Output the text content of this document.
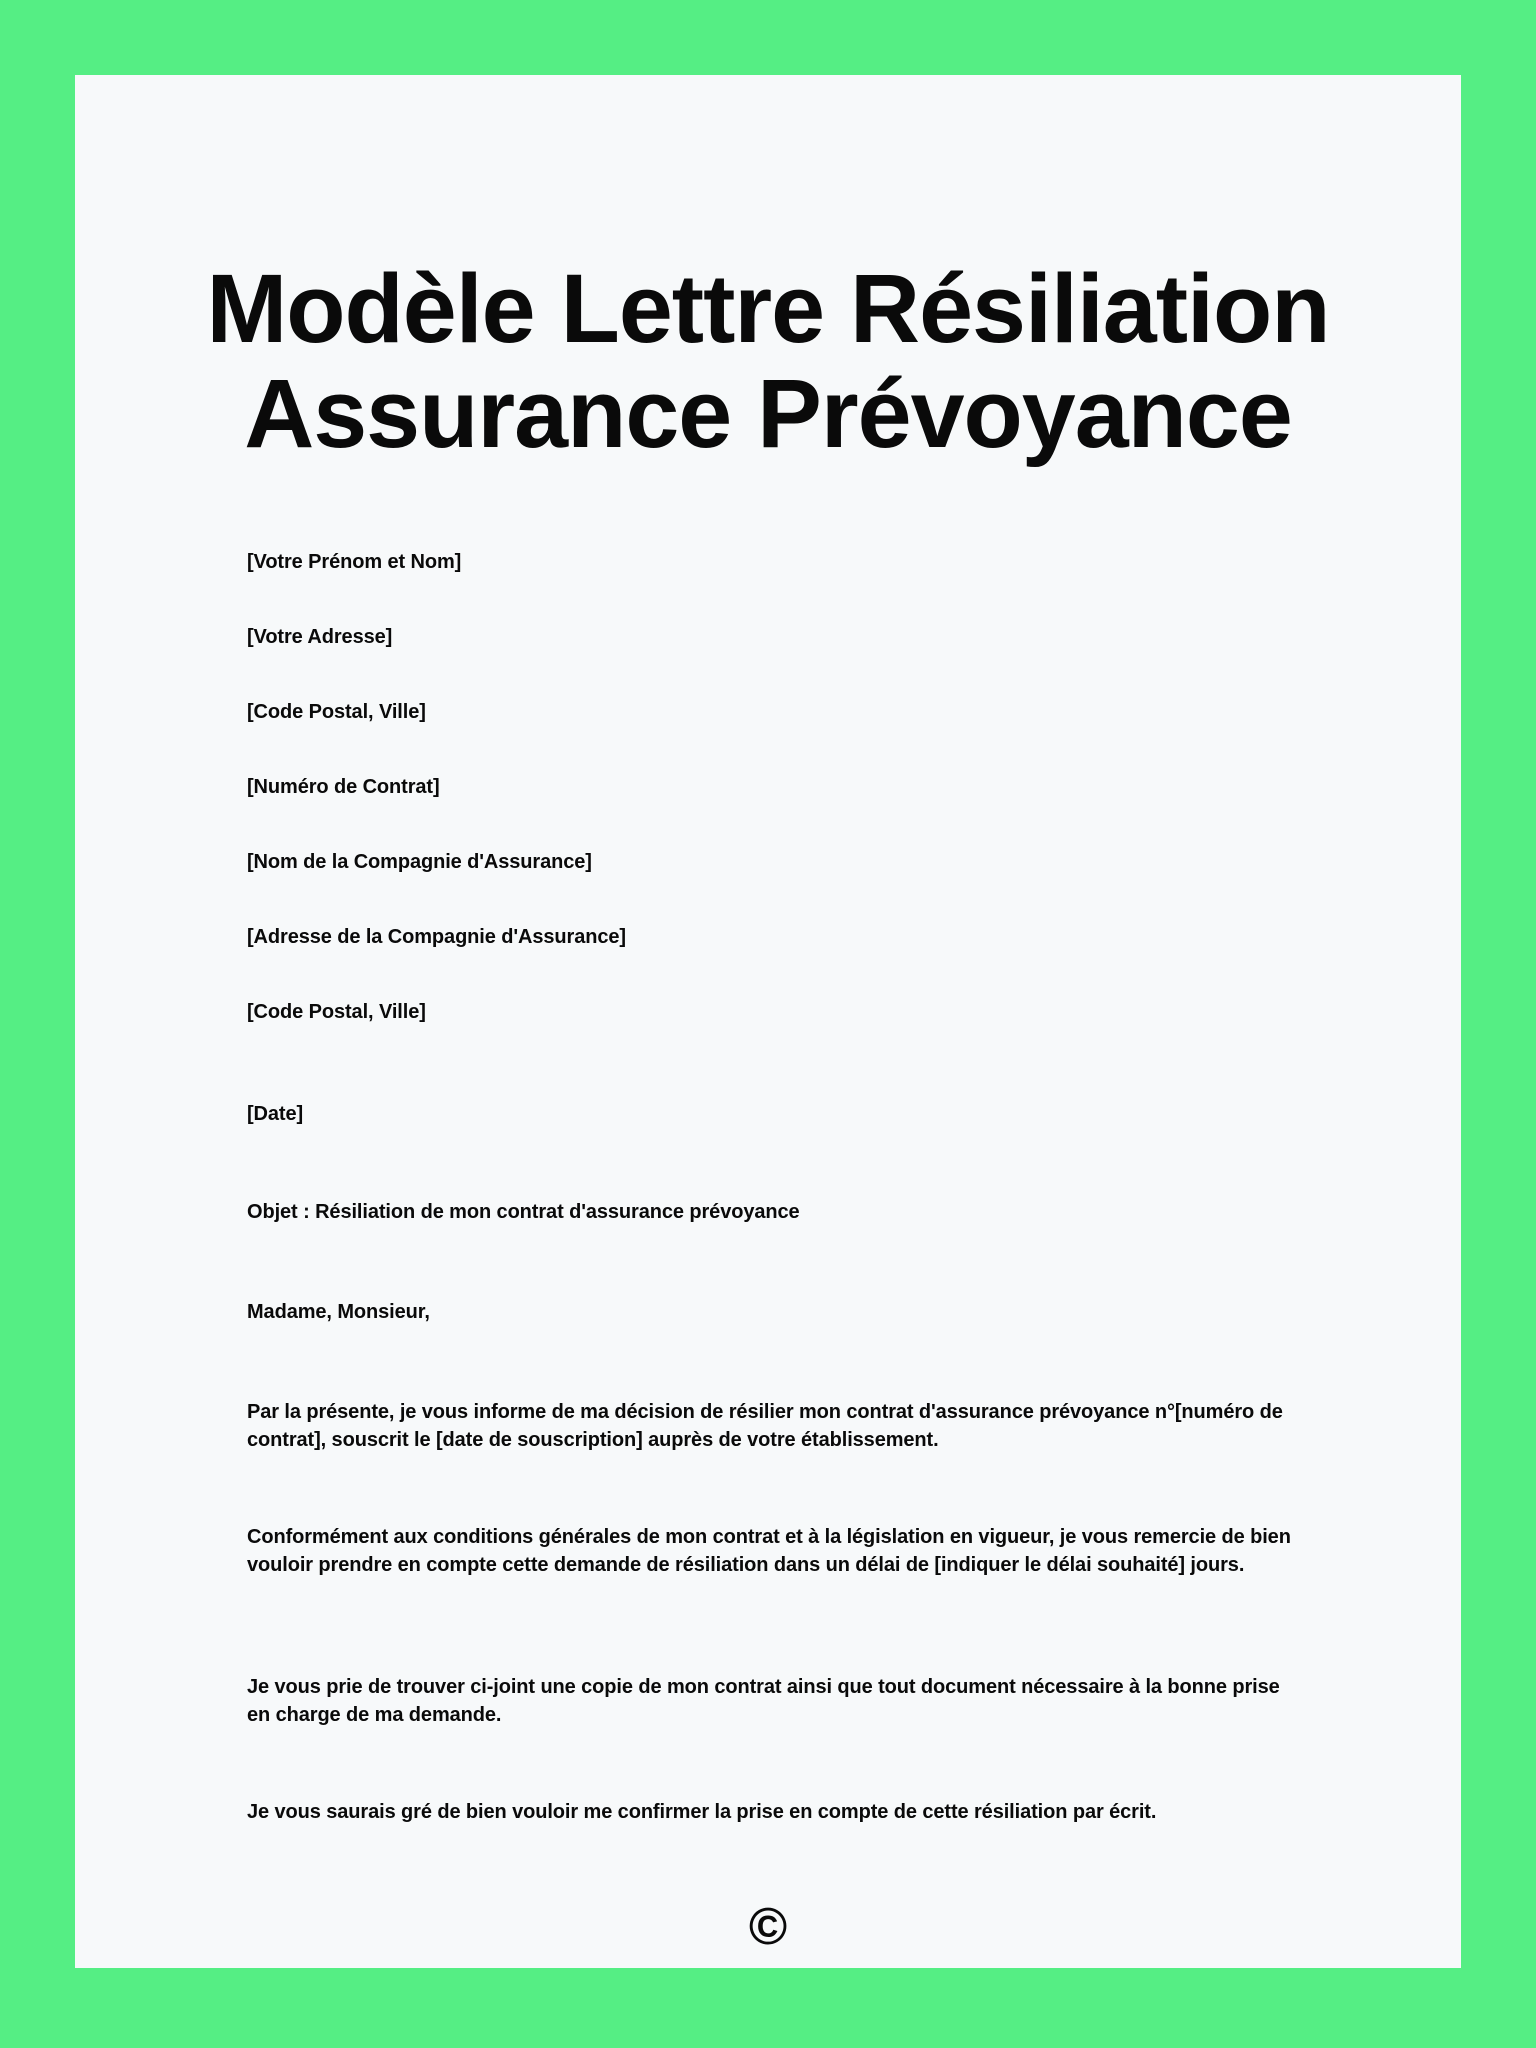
Modèle Lettre Résiliation Assurance Prévoyance

[Votre Prénom et Nom]

[Votre Adresse]

[Code Postal, Ville]

[Numéro de Contrat]

[Nom de la Compagnie d'Assurance]

[Adresse de la Compagnie d'Assurance]

[Code Postal, Ville]

[Date]

Objet : Résiliation de mon contrat d'assurance prévoyance

Madame, Monsieur,

Par la présente, je vous informe de ma décision de résilier mon contrat d'assurance prévoyance n°[numéro de contrat], souscrit le [date de souscription] auprès de votre établissement.

Conformément aux conditions générales de mon contrat et à la législation en vigueur, je vous remercie de bien vouloir prendre en compte cette demande de résiliation dans un délai de [indiquer le délai souhaité] jours.

Je vous prie de trouver ci-joint une copie de mon contrat ainsi que tout document nécessaire à la bonne prise en charge de ma demande.

Je vous saurais gré de bien vouloir me confirmer la prise en compte de cette résiliation par écrit.

©
